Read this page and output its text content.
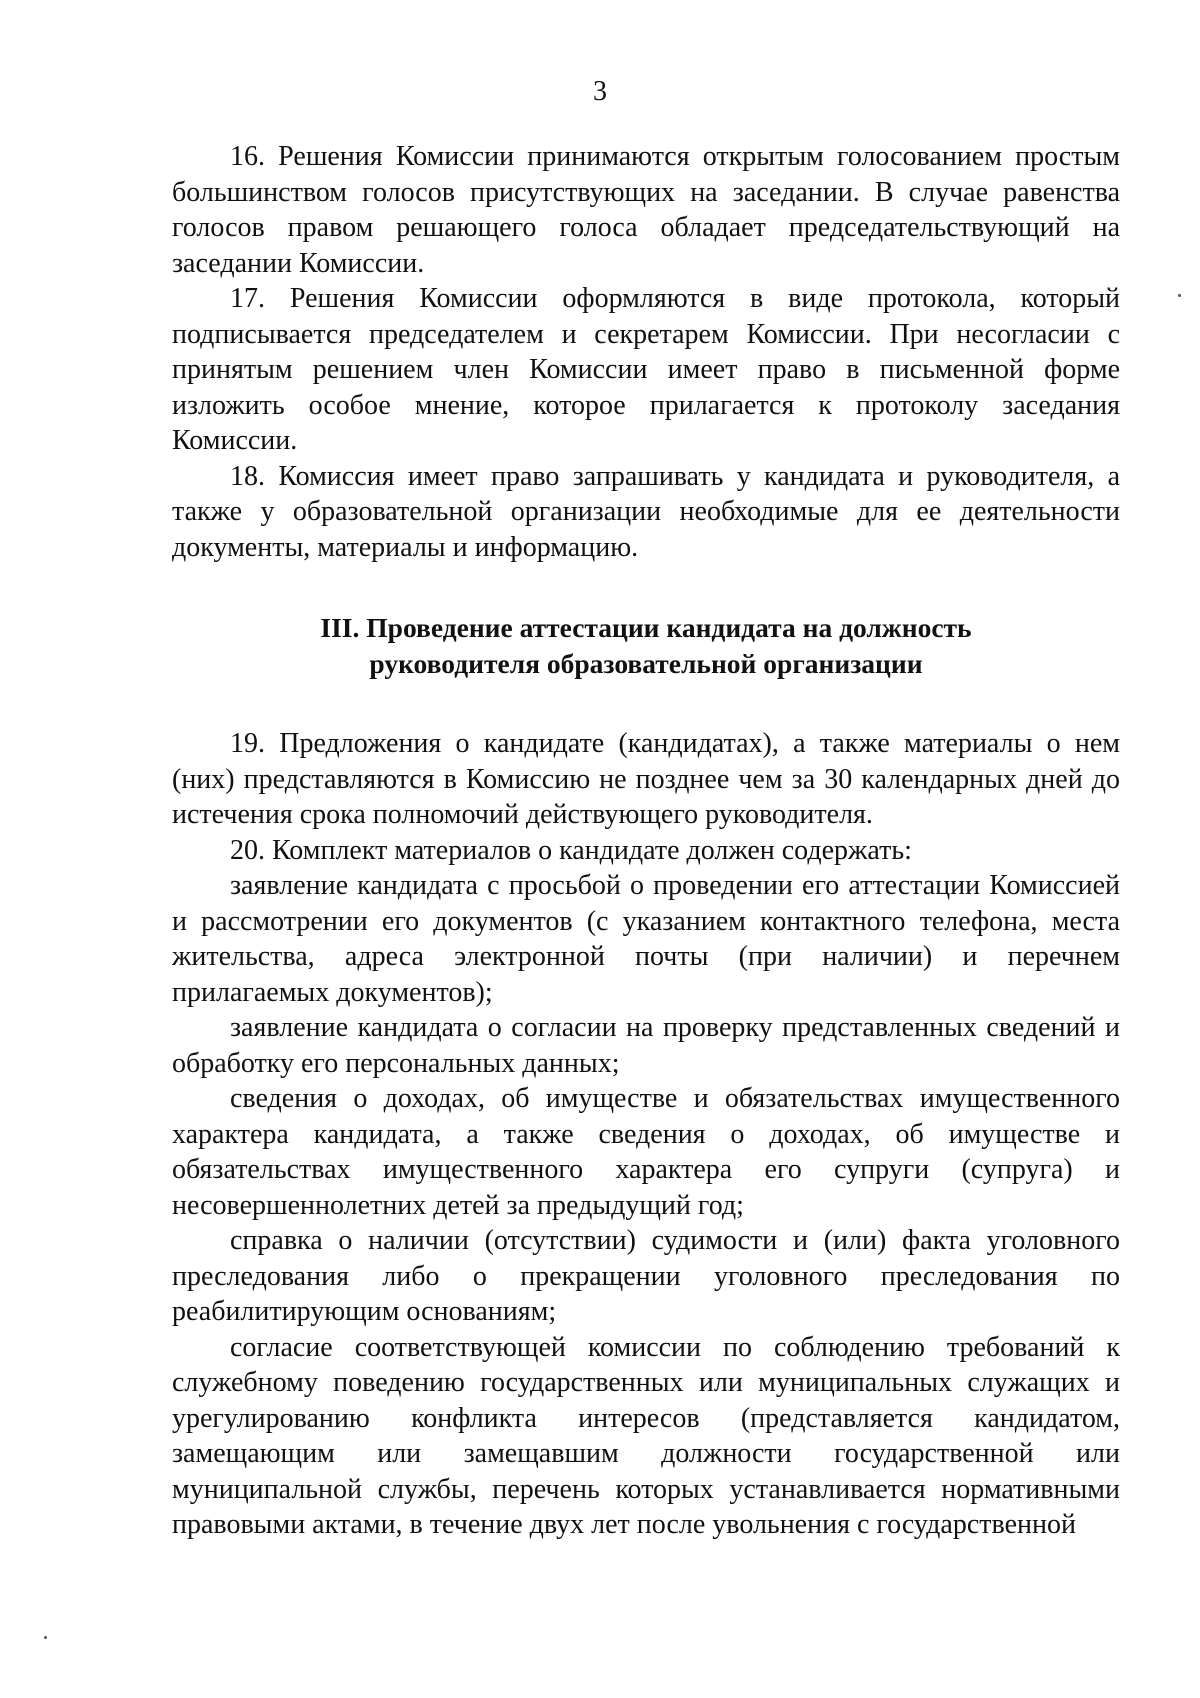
3

16. Решения Комиссии принимаются открытым голосованием простым большинством голосов присутствующих на заседании. В случае равенства голосов правом решающего голоса обладает председательствующий на заседании Комиссии.

17. Решения Комиссии оформляются в виде протокола, который подписывается председателем и секретарем Комиссии. При несогласии с принятым решением член Комиссии имеет право в письменной форме изложить особое мнение, которое прилагается к протоколу заседания Комиссии.

18. Комиссия имеет право запрашивать у кандидата и руководителя, а также у образовательной организации необходимые для ее деятельности документы, материалы и информацию.

III. Проведение аттестации кандидата на должность
руководителя образовательной организации

19. Предложения о кандидате (кандидатах), а также материалы о нем (них) представляются в Комиссию не позднее чем за 30 календарных дней до истечения срока полномочий действующего руководителя.

20. Комплект материалов о кандидате должен содержать:

заявление кандидата с просьбой о проведении его аттестации Комиссией и рассмотрении его документов (с указанием контактного телефона, места жительства, адреса электронной почты (при наличии) и перечнем прилагаемых документов);

заявление кандидата о согласии на проверку представленных сведений и обработку его персональных данных;

сведения о доходах, об имуществе и обязательствах имущественного характера кандидата, а также сведения о доходах, об имуществе и обязательствах имущественного характера его супруги (супруга) и несовершеннолетних детей за предыдущий год;

справка о наличии (отсутствии) судимости и (или) факта уголовного преследования либо о прекращении уголовного преследования по реабилитирующим основаниям;

согласие соответствующей комиссии по соблюдению требований к служебному поведению государственных или муниципальных служащих и урегулированию конфликта интересов (представляется кандидатом, замещающим или замещавшим должности государственной или муниципальной службы, перечень которых устанавливается нормативными правовыми актами, в течение двух лет после увольнения с государственной
